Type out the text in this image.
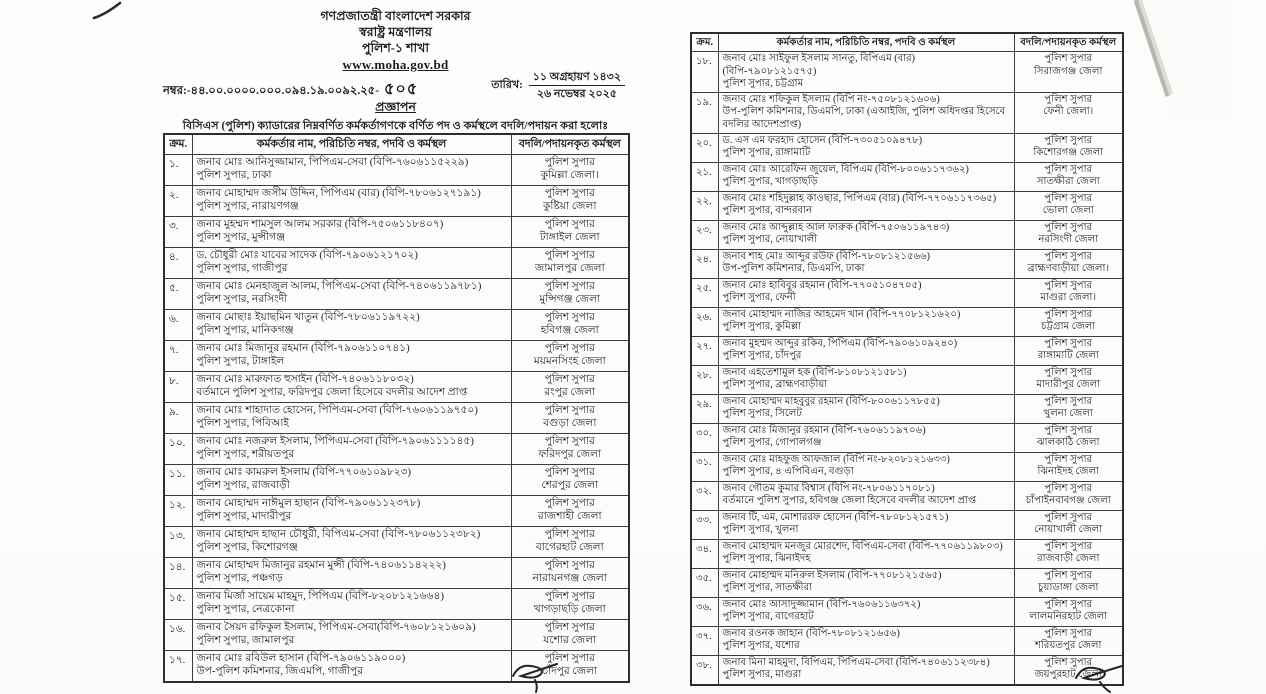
গণপ্রজাতন্ত্রী বাংলাদেশ সরকার
স্বরাষ্ট্র মন্ত্রণালয়
পুলিশ-১ শাখা
www.moha.gov.bd
নম্বর:-৪৪.০০.০০০০.০০০.০৯৪.১৯.০০৯২.২৫- ৫০৫	তারিখ: $\frac{\text{১১ অগ্রহায়ণ ১৪৩২}}{\text{২৬ নভেম্বর ২০২৫}}$
প্রজ্ঞাপন
বিসিএস (পুলিশ) ক্যাডারের নিম্নবর্ণিত কর্মকর্তাগণকে বর্ণিত পদ ও কর্মস্থলে বদলি/পদায়ন করা হলোঃ
ক্রম.	কর্মকর্তার নাম, পরিচিতি নম্বর, পদবি ও কর্মস্থল	বদলি/পদায়নকৃত কর্মস্থল
১.	জনাব মোঃ আনিসুজ্জামান, পিপিএম-সেবা (বিপি-৭৬০৬১১৫২২৯)
পুলিশ সুপার, ঢাকা

পুলিশ সুপার
কুমিল্লা জেলা।

২.	জনাব মোহাম্মদ জসীম উদ্দিন, পিপিএম (বার) (বিপি-৭৮০৬১২৭১৯১)
পুলিশ সুপার, নারায়ণগঞ্জ

পুলিশ সুপার
কুষ্টিয়া জেলা

৩.	জনাব মুহম্মদ শামসুল আলম সরকার (বিপি-৭৫০৬১১৮৪০৭)
পুলিশ সুপার, মুন্সীগঞ্জ

পুলিশ সুপার
টাঙ্গাইল জেলা

৪.	ড. চৌধুরী মোঃ যাবের সাদেক (বিপি-৭৯০৬১২১৭০২)
পুলিশ সুপার, গাজীপুর

পুলিশ সুপার
জামালপুর জেলা

৫.	জনাব মোঃ মেনহাজুল আলম, পিপিএম-সেবা (বিপি-৭৪০৬১১৯৭৮১)
পুলিশ সুপার, নরসিংদী

পুলিশ সুপার
মুন্সিগঞ্জ জেলা

৬.	জনাব মোছাঃ ইয়াছমিন খাতুন (বিপি-৭৮০৬১১৯৭২২)
পুলিশ সুপার, মানিকগঞ্জ

পুলিশ সুপার
হবিগঞ্জ জেলা

৭.	জনাব মোঃ মিজানুর রহমান (বিপি-৭৯০৬১১০৭৪১)
পুলিশ সুপার, টাঙ্গাইল

পুলিশ সুপার
ময়মনসিংহ জেলা

৮.	জনাব মোঃ মারুফাত হুসাইন (বিপি-৭৪০৬১১৮০৩২)
বর্তমানে পুলিশ সুপার, ফরিদপুর জেলা হিসেবে বদলীর আদেশ প্রাপ্ত

পুলিশ সুপার
রংপুর জেলা

৯.	জনাব মোঃ শাহাদাত হোসেন, পিপিএম-সেবা (বিপি-৭৬০৬১১৯৭৫০)
পুলিশ সুপার, পিবিআই

পুলিশ সুপার
বগুড়া জেলা

১০.	জনাব মোঃ নজরুল ইসলাম, পিপিএম-সেবা (বিপি-৭৯০৬১১১১৪৫)
পুলিশ সুপার, শরীয়তপুর

পুলিশ সুপার
ফরিদপুর জেলা

১১.	জনাব মোঃ কামরুল ইসলাম (বিপি-৭৭০৬১০৯৮২৩)
পুলিশ সুপার, রাজবাড়ী

পুলিশ সুপার
শেরপুর জেলা

১২.	জনাব মোহাম্মদ নাঈমুল হাছান (বিপি-৭৯০৬১১২৩৭৮)
পুলিশ সুপার, মাদারীপুর

পুলিশ সুপার
রাজশাহী জেলা

১৩.	জনাব মোহাম্মদ হাছান চৌধুরী, বিপিএম-সেবা (বিপি-৭৮০৬১১২৩৮২)
পুলিশ সুপার, কিশোরগঞ্জ

পুলিশ সুপার
বাগেরহাট জেলা

১৪.	জনাব মোহাম্মদ মিজানুর রহমান মুন্সী (বিপি-৭৪০৬১১৪২২২)
পুলিশ সুপার, পঞ্চগড়

পুলিশ সুপার
নারায়নগঞ্জ জেলা

১৫.	জনাব মির্জা সায়েম মাহমুদ, পিপিএম (বিপি-৮২০৮১২১৬৬৪)
পুলিশ সুপার, নেত্রকোনা

পুলিশ সুপার
খাগড়াছড়ি জেলা

১৬.	জনাব সৈয়দ রফিকুল ইসলাম, পিপিএম-সেবা(বিপি-৭৬০৮১২১৬০৯)
পুলিশ সুপার, জামালপুর

পুলিশ সুপার
যশোর জেলা

১৭.	জনাব মোঃ রবিউল হাসান (বিপি-৭৯০৬১১৯০০০)
উপ-পুলিশ কমিশনার, জিএমপি, গাজীপুর

পুলিশ সুপার
চাঁদপুর জেলা
ক্রম.	কর্মকর্তার নাম, পরিচিতি নম্বর, পদবি ও কর্মস্থল	বদলি/পদায়নকৃত কর্মস্থল
১৮.	জনাব মোঃ সাইফুল ইসলাম সানতু, বিপিএম (বার) (বিপি-৭৯০৮১২১৫৭৫)
পুলিশ সুপার, চট্টগ্রাম

পুলিশ সুপার
সিরাজগঞ্জ জেলা

১৯.	জনাব মোঃ শফিকুল ইসলাম (বিপি নং-৭৫০৮১২১৬০৬)
উপ-পুলিশ কমিশনার, ডিএমপি, ঢাকা (এআইজি, পুলিশ অধিদপ্তর হিসেবে বদলির আদেশপ্রাপ্ত)

পুলিশ সুপার
ফেনী জেলা।

২০.	ড. এস এম ফরহাদ হোসেন (বিপি-৭৩০৫১০৯৪৭৮)
পুলিশ সুপার, রাঙ্গামাটি

পুলিশ সুপার
কিশোরগঞ্জ জেলা

২১.	জনাব মোঃ আরেফিন জুয়েল, বিপিএম (বিপি-৮০০৬১১৭৩৬২)
পুলিশ সুপার, খাগড়াছড়ি

পুলিশ সুপার
সাতক্ষীরা জেলা

২২.	জনাব মোঃ শহিদুল্লাহ কাওছার, পিপিএম (বার) (বিপি-৭৭০৬১১৭৩৬৫)
পুলিশ সুপার, বান্দরবান

পুলিশ সুপার
ভোলা জেলা

২৩.	জনাব মোঃ আব্দুল্লাহ আল ফারুক (বিপি-৭৫০৬১১৯৭৪৩)
পুলিশ সুপার, নোয়াখালী

পুলিশ সুপার
নরসিংদী জেলা

২৪.	জনাব শাহ মোঃ আব্দুর রউফ (বিপি-৭৮০৮১২১৫৬৬)
উপ-পুলিশ কমিশনার, ডিএমপি, ঢাকা

পুলিশ সুপার
ব্রাহ্মণবাড়ীয়া জেলা।

২৫.	জনাব মোঃ হাবিবুর রহমান (বিপি-৭৭০৫১০৪৭০৫)
পুলিশ সুপার, ফেনী

পুলিশ সুপার
মাগুরা জেলা।

২৬.	জনাব মোহাম্মদ নাজির আহমেদ খান (বিপি-৭৭০৮১২১৬২০)
পুলিশ সুপার, কুমিল্লা

পুলিশ সুপার
চট্টগ্রাম জেলা

২৭.	জনাব মুহম্মদ আব্দুর রকিব, পিপিএম (বিপি-৭৯০৬১০৯২৪০)
পুলিশ সুপার, চাঁদপুর

পুলিশ সুপার
রাঙ্গামাটি জেলা

২৮.	জনাব এহতেশামুল হক (বিপি-৮১০৮১২১৫৮১)
পুলিশ সুপার, ব্রাহ্মণবাড়ীয়া

পুলিশ সুপার
মাদারীপুর জেলা

২৯.	জনাব মোহাম্মদ মাহবুবুর রহমান (বিপি-৮০০৬১১৭৮৫৫)
পুলিশ সুপার, সিলেট

পুলিশ সুপার
খুলনা জেলা

৩০.	জনাব মোঃ মিজানুর রহমান (বিপি-৭৬০৬১১৯৭০৬)
পুলিশ সুপার, গোপালগঞ্জ

পুলিশ সুপার
ঝালকাঠি জেলা

৩১.	জনাব মোঃ মাহফুজ আফজাল (বিপি নং-৮২০৮১২১৬৩৩)
পুলিশ সুপার, ৪ এপিবিএন, বগুড়া

পুলিশ সুপার
ঝিনাইদহ জেলা

৩২.	জনাব গৌতম কুমার বিশ্বাস (বিপি নং-৭৮০৬১১৭০৮১)
বর্তমানে পুলিশ সুপার, হবিগঞ্জ জেলা হিসেবে বদলীর আদেশ প্রাপ্ত

পুলিশ সুপার
চাঁপাইনবাবগঞ্জ জেলা

৩৩.	জনাব টি, এম, মোশাররফ হোসেন (বিপি-৭৮০৮১২১৫৭১)
পুলিশ সুপার, খুলনা

পুলিশ সুপার
নোয়াখালী জেলা

৩৪.	জনাব মোহাম্মদ মনজুর মোরশেদ, বিপিএম-সেবা (বিপি-৭৭০৬১১৯৮০৩)
পুলিশ সুপার, ঝিনাইদহ

পুলিশ সুপার
রাজবাড়ী জেলা

৩৫.	জনাব মোহাম্মদ মনিরুল ইসলাম (বিপি-৭৭০৮১২১৫৬৫)
পুলিশ সুপার, সাতক্ষীরা

পুলিশ সুপার
চুয়াডাঙ্গা জেলা

৩৬.	জনাব মোঃ আসাদুজ্জামান (বিপি-৭৬০৬১১৬৩৭২)
পুলিশ সুপার, বাগেরহাট

পুলিশ সুপার
লালমনিরহাট জেলা

৩৭.	জনাব রওনক জাহান (বিপি-৭৮০৮১২১৬৫৬)
পুলিশ সুপার, যশোর

পুলিশ সুপার
শরিয়তপুর জেলা

৩৮.	জনাব মিনা মাহমুদা, বিপিএম, পিপিএম-সেবা (বিপি-৭৪০৬১১২৩৮৪)
পুলিশ সুপার, মাগুরা

পুলিশ সুপার
জয়পুরহাট জেলা
